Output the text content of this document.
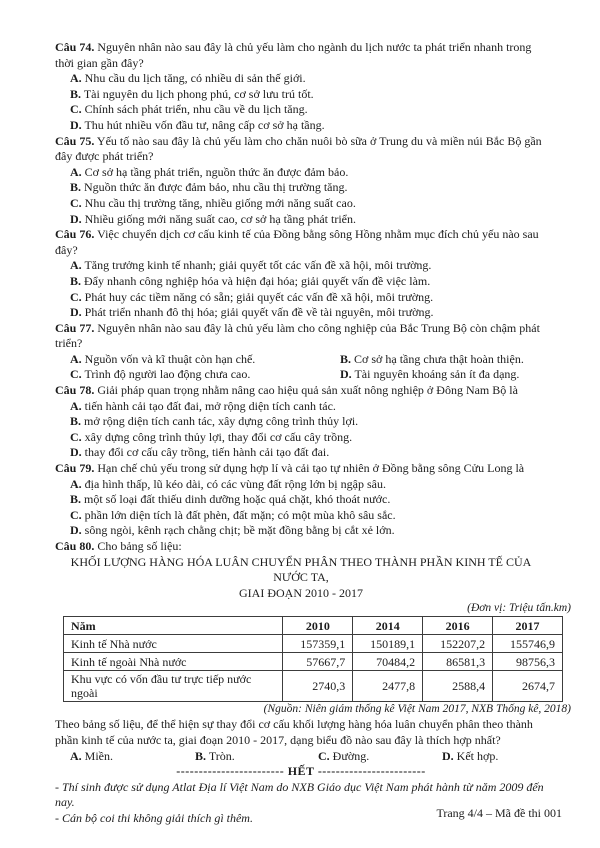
Câu 74. Nguyên nhân nào sau đây là chủ yếu làm cho ngành du lịch nước ta phát triển nhanh trong thời gian gần đây?

A. Nhu cầu du lịch tăng, có nhiều di sản thế giới.

B. Tài nguyên du lịch phong phú, cơ sở lưu trú tốt.

C. Chính sách phát triển, nhu cầu về du lịch tăng.

D. Thu hút nhiều vốn đầu tư, nâng cấp cơ sở hạ tầng.

Câu 75. Yếu tố nào sau đây là chủ yếu làm cho chăn nuôi bò sữa ở Trung du và miền núi Bắc Bộ gần đây được phát triển?

A. Cơ sở hạ tầng phát triển, nguồn thức ăn được đảm bảo.

B. Nguồn thức ăn được đảm bảo, nhu cầu thị trường tăng.

C. Nhu cầu thị trường tăng, nhiều giống mới năng suất cao.

D. Nhiều giống mới năng suất cao, cơ sở hạ tầng phát triển.

Câu 76. Việc chuyển dịch cơ cấu kinh tế của Đồng bằng sông Hồng nhằm mục đích chủ yếu nào sau đây?

A. Tăng trưởng kinh tế nhanh; giải quyết tốt các vấn đề xã hội, môi trường.

B. Đẩy nhanh công nghiệp hóa và hiện đại hóa; giải quyết vấn đề việc làm.

C. Phát huy các tiềm năng có sẵn; giải quyết các vấn đề xã hội, môi trường.

D. Phát triển nhanh đô thị hóa; giải quyết vấn đề về tài nguyên, môi trường.

Câu 77. Nguyên nhân nào sau đây là chủ yếu làm cho công nghiệp của Bắc Trung Bộ còn chậm phát triển?

A. Nguồn vốn và kĩ thuật còn hạn chế.	B. Cơ sở hạ tầng chưa thật hoàn thiện.

C. Trình độ người lao động chưa cao.	D. Tài nguyên khoáng sản ít đa dạng.

Câu 78. Giải pháp quan trọng nhằm nâng cao hiệu quả sản xuất nông nghiệp ở Đông Nam Bộ là

A. tiến hành cải tạo đất đai, mở rộng diện tích canh tác.

B. mở rộng diện tích canh tác, xây dựng công trình thủy lợi.

C. xây dựng công trình thủy lợi, thay đổi cơ cấu cây trồng.

D. thay đổi cơ cấu cây trồng, tiến hành cải tạo đất đai.

Câu 79. Hạn chế chủ yếu trong sử dụng hợp lí và cải tạo tự nhiên ở Đồng bằng sông Cửu Long là

A. địa hình thấp, lũ kéo dài, có các vùng đất rộng lớn bị ngập sâu.

B. một số loại đất thiếu dinh dưỡng hoặc quá chặt, khó thoát nước.

C. phần lớn diện tích là đất phèn, đất mặn; có một mùa khô sâu sắc.

D. sông ngòi, kênh rạch chằng chịt; bề mặt đồng bằng bị cắt xẻ lớn.

Câu 80. Cho bảng số liệu:

KHỐI LƯỢNG HÀNG HÓA LUÂN CHUYỂN PHÂN THEO THÀNH PHẦN KINH TẾ CỦA NƯỚC TA,

GIAI ĐOẠN 2010 - 2017

(Đơn vị: Triệu tấn.km)

Năm	2010	2014	2016	2017
Kinh tế Nhà nước	157359,1	150189,1	152207,2	155746,9
Kinh tế ngoài Nhà nước	57667,7	70484,2	86581,3	98756,3
Khu vực có vốn đầu tư trực tiếp nước ngoài	2740,3	2477,8	2588,4	2674,7

(Nguồn: Niên giám thống kê Việt Nam 2017, NXB Thống kê, 2018)

Theo bảng số liệu, để thể hiện sự thay đổi cơ cấu khối lượng hàng hóa luân chuyển phân theo thành phần kinh tế của nước ta, giai đoạn 2010 - 2017, dạng biểu đồ nào sau đây là thích hợp nhất?

A. Miền.	B. Tròn.	C. Đường.	D. Kết hợp.

------------------------ HẾT ------------------------

- Thí sinh được sử dụng Atlat Địa lí Việt Nam do NXB Giáo dục Việt Nam phát hành từ năm 2009 đến nay.

- Cán bộ coi thi không giải thích gì thêm.	Trang 4/4 – Mã đề thi 001
